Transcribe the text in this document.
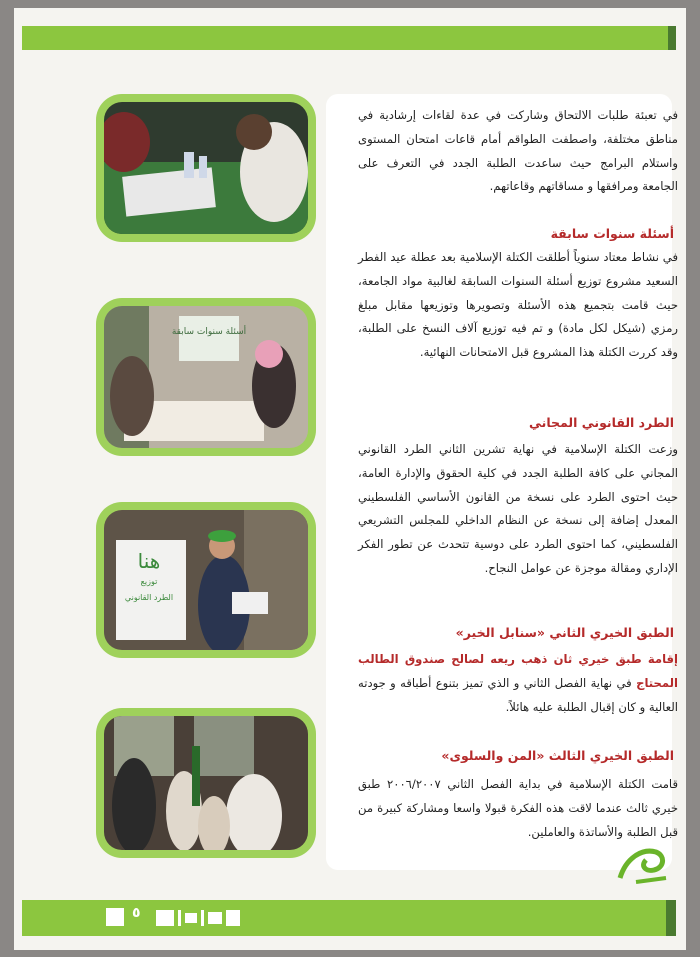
أسئلة سنوات سابقة
هنا
توزيع
الطرد القانوني
في تعبئة طلبات الالتحاق وشاركت في عدة لقاءات إرشادية في مناطق مختلفة، واصطفت الطواقم أمام قاعات امتحان المستوى واستلام البرامج حيث ساعدت الطلبة الجدد في التعرف على الجامعة ومرافقها و مساقاتهم وقاعاتهم.
أسئلة سنوات سابقة
في نشاط معتاد سنوياً أطلقت الكتلة الإسلامية بعد عطلة عيد الفطر السعيد مشروع توزيع أسئلة السنوات السابقة لغالبية مواد الجامعة، حيث قامت بتجميع هذه الأسئلة وتصويرها وتوزيعها مقابل مبلغ رمزي (شيكل لكل مادة) و تم فيه توزيع آلاف النسخ على الطلبة، وقد كررت الكتلة هذا المشروع قبل الامتحانات النهائية.
الطرد القانوني المجاني
وزعت الكتلة الإسلامية في نهاية تشرين الثاني الطرد القانوني المجاني على كافة الطلبة الجدد في كلية الحقوق والإدارة العامة، حيث احتوى الطرد على نسخة من القانون الأساسي الفلسطيني المعدل إضافة إلى نسخة عن النظام الداخلي للمجلس التشريعي الفلسطيني، كما احتوى الطرد على دوسية تتحدث عن تطور الفكر الإداري ومقالة موجزة عن عوامل النجاح.
الطبق الخيري الثاني «سنابل الخير»
إقامة طبق خيري ثان ذهب ريعه لصالح صندوق الطالب المحتاج في نهاية الفصل الثاني و الذي تميز بتنوع أطباقه و جودته العالية و كان إقبال الطلبة عليه هائلاً.
الطبق الخيري الثالث «المن والسلوى»
قامت الكتلة الإسلامية في بداية الفصل الثاني ٢٠٠٦/٢٠٠٧ طبق خيري ثالث عندما لاقت هذه الفكرة قبولا واسعا ومشاركة كبيرة من قبل الطلبة والأساتذة والعاملين.
٥
